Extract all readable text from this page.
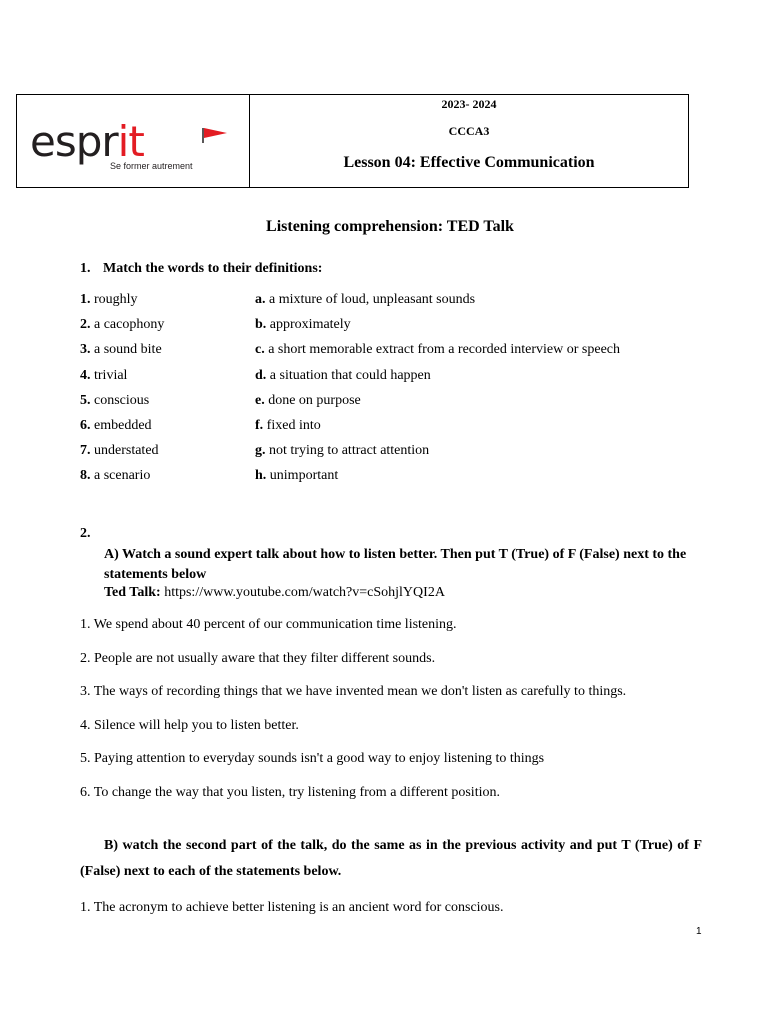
esprit
Se former autrement
2023- 2024
CCCA3
Lesson 04: Effective Communication
Listening comprehension: TED Talk
1. Match the words to their definitions:
1. roughly	a. a mixture of loud, unpleasant sounds
2. a cacophony	b. approximately
3. a sound bite	c. a short memorable extract from a recorded interview or speech
4. trivial	d. a situation that could happen
5. conscious	e. done on purpose
6. embedded	f. fixed into
7. understated	g. not trying to attract attention
8. a scenario	h. unimportant
2.
A) Watch a sound expert talk about how to listen better. Then put T (True) of F (False) next to the statements below
Ted Talk: https://www.youtube.com/watch?v=cSohjlYQI2A
1. We spend about 40 percent of our communication time listening.
2. People are not usually aware that they filter different sounds.
3. The ways of recording things that we have invented mean we don't listen as carefully to things.
4. Silence will help you to listen better.
5. Paying attention to everyday sounds isn't a good way to enjoy listening to things
6. To change the way that you listen, try listening from a different position.
B) watch the second part of the talk, do the same as in the previous activity and put T (True) of F (False) next to each of the statements below.
1. The acronym to achieve better listening is an ancient word for conscious.
1
